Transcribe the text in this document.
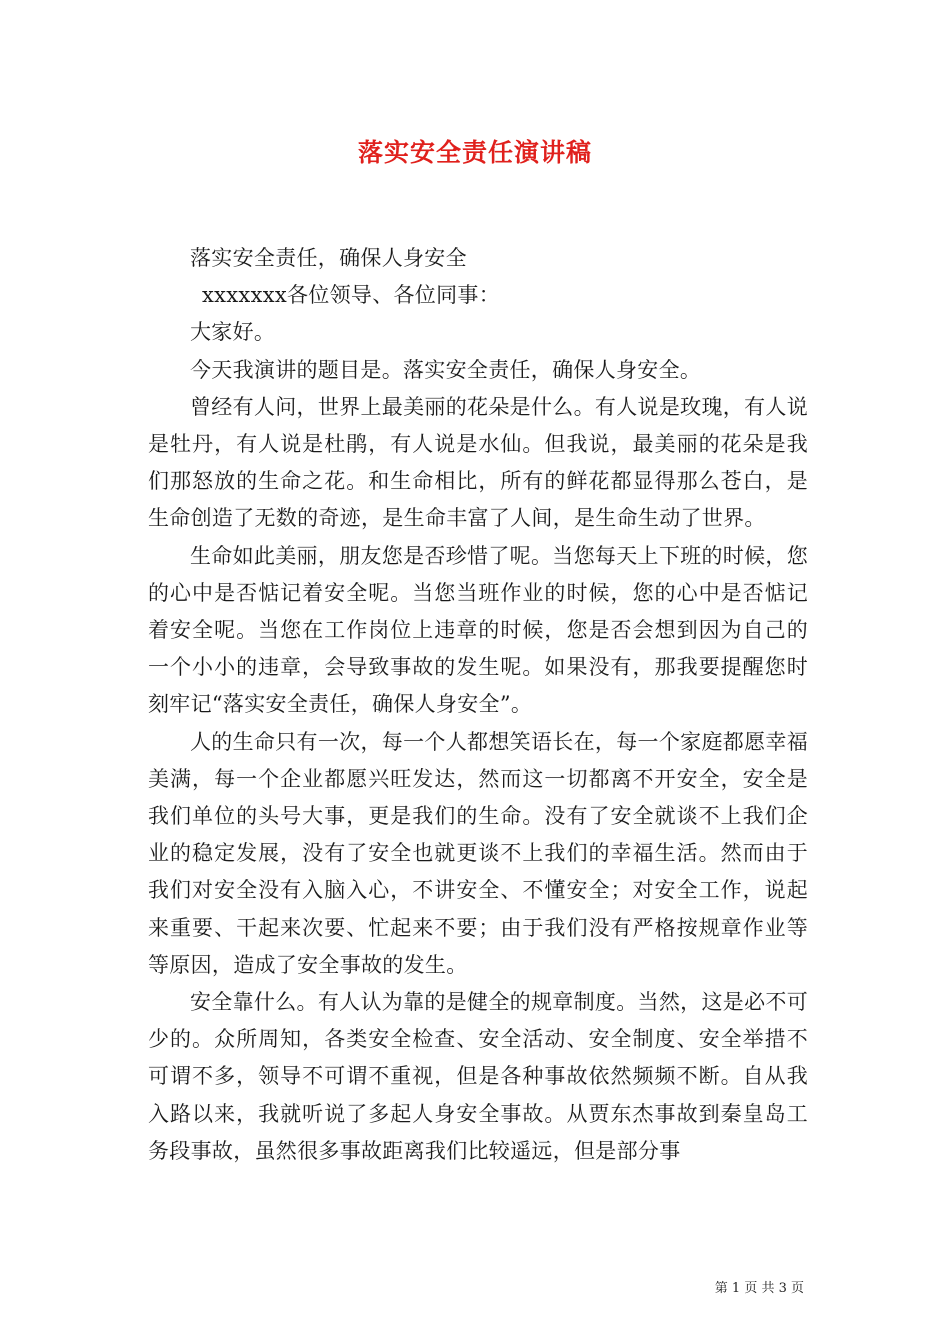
落实安全责任演讲稿

落实安全责任，确保人身安全

xxxxxxx各位领导、各位同事：

大家好。

今天我演讲的题目是。落实安全责任，确保人身安全。

曾经有人问，世界上最美丽的花朵是什么。有人说是玫瑰，有人说是牡丹，有人说是杜鹃，有人说是水仙。但我说，最美丽的花朵是我们那怒放的生命之花。和生命相比，所有的鲜花都显得那么苍白，是生命创造了无数的奇迹，是生命丰富了人间，是生命生动了世界。

生命如此美丽，朋友您是否珍惜了呢。当您每天上下班的时候，您的心中是否惦记着安全呢。当您当班作业的时候，您的心中是否惦记着安全呢。当您在工作岗位上违章的时候，您是否会想到因为自己的一个小小的违章，会导致事故的发生呢。如果没有，那我要提醒您时刻牢记“落实安全责任，确保人身安全”。

人的生命只有一次，每一个人都想笑语长在，每一个家庭都愿幸福美满，每一个企业都愿兴旺发达，然而这一切都离不开安全，安全是我们单位的头号大事，更是我们的生命。没有了安全就谈不上我们企业的稳定发展，没有了安全也就更谈不上我们的幸福生活。然而由于我们对安全没有入脑入心，不讲安全、不懂安全；对安全工作，说起来重要、干起来次要、忙起来不要；由于我们没有严格按规章作业等等原因，造成了安全事故的发生。

安全靠什么。有人认为靠的是健全的规章制度。当然，这是必不可少的。众所周知，各类安全检查、安全活动、安全制度、安全举措不可谓不多，领导不可谓不重视，但是各种事故依然频频不断。自从我入路以来，我就听说了多起人身安全事故。从贾东杰事故到秦皇岛工务段事故，虽然很多事故距离我们比较遥远，但是部分事

第 1 页 共 3 页
